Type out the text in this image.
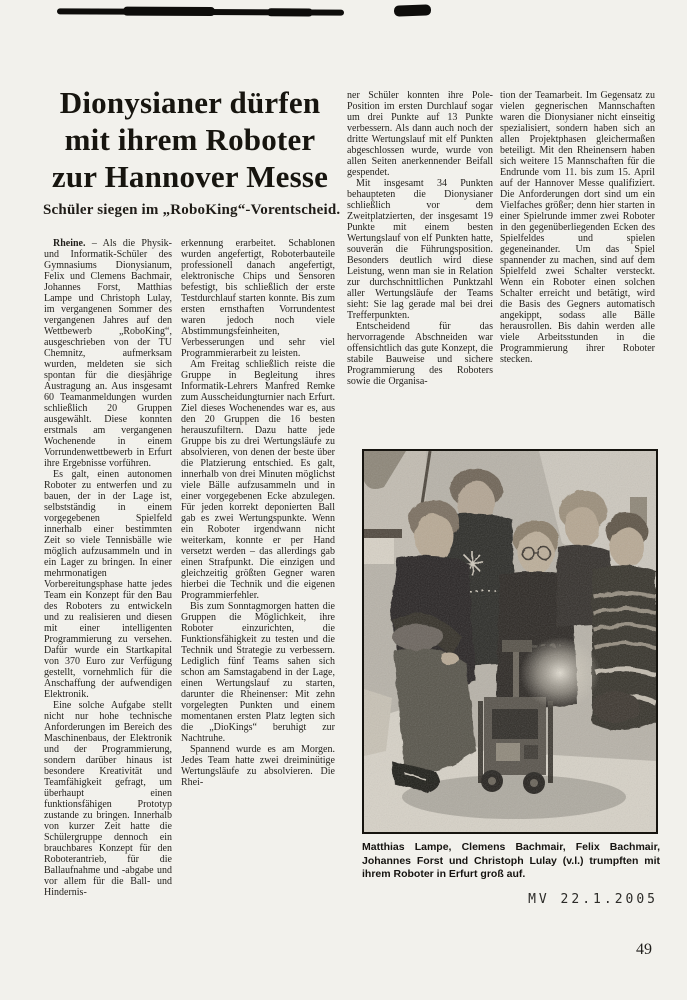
Dionysianer dürfen
mit ihrem Roboter
zur Hannover Messe
Schüler siegen im „RoboKing“-Vorentscheid.

Rheine. – Als die Physik- und Informatik-Schüler des Gymnasiums Dionysianum, Felix und Clemens Bachmair, Johannes Forst, Matthias Lampe und Christoph Lulay, im vergangenen Sommer des vergangenen Jahres auf den Wettbewerb „RoboKing“, ausgeschrieben von der TU Chemnitz, aufmerksam wurden, meldeten sie sich spontan für die diesjährige Austragung an. Aus insgesamt 60 Teamanmeldungen wurden schließlich 20 Gruppen ausgewählt. Diese konnten erstmals am vergangenen Wochenende in einem Vorrundenwettbewerb in Erfurt ihre Ergebnisse vorführen.

Es galt, einen autonomen Roboter zu entwerfen und zu bauen, der in der Lage ist, selbstständig in einem vorgegebenen Spielfeld innerhalb einer bestimmten Zeit so viele Tennisbälle wie möglich aufzusammeln und in ein Lager zu bringen. In einer mehrmonatigen Vorbereitungsphase hatte jedes Team ein Konzept für den Bau des Roboters zu entwickeln und zu realisieren und diesen mit einer intelligenten Programmierung zu versehen. Dafür wurde ein Startkapital von 370 Euro zur Verfügung gestellt, vornehmlich für die Anschaffung der aufwendigen Elektronik.

Eine solche Aufgabe stellt nicht nur hohe technische Anforderungen im Bereich des Maschinenbaus, der Elektronik und der Programmierung, sondern darüber hinaus ist besondere Kreativität und Teamfähigkeit gefragt, um überhaupt einen funktionsfähigen Prototyp zustande zu bringen. Innerhalb von kurzer Zeit hatte die Schülergruppe dennoch ein brauchbares Konzept für den Roboterantrieb, für die Ballaufnahme und -abgabe und vor allem für die Ball- und Hindernis-

erkennung erarbeitet. Schablonen wurden angefertigt, Roboterbauteile professionell danach angefertigt, elektronische Chips und Sensoren befestigt, bis schließlich der erste Testdurchlauf starten konnte. Bis zum ersten ernsthaften Vorrundentest waren jedoch noch viele Abstimmungsfeinheiten, Verbesserungen und sehr viel Programmierarbeit zu leisten.

Am Freitag schließlich reiste die Gruppe in Begleitung ihres Informatik-Lehrers Manfred Remke zum Ausscheidungturnier nach Erfurt. Ziel dieses Wochenendes war es, aus den 20 Gruppen die 16 besten herauszufiltern. Dazu hatte jede Gruppe bis zu drei Wertungsläufe zu absolvieren, von denen der beste über die Platzierung entschied. Es galt, innerhalb von drei Minuten möglichst viele Bälle aufzusammeln und in einer vorgegebenen Ecke abzulegen. Für jeden korrekt deponierten Ball gab es zwei Wertungspunkte. Wenn ein Roboter irgendwann nicht weiterkam, konnte er per Hand versetzt werden – das allerdings gab einen Strafpunkt. Die einzigen und gleichzeitig größten Gegner waren hierbei die Technik und die eigenen Programmierfehler.

Bis zum Sonntagmorgen hatten die Gruppen die Möglichkeit, ihre Roboter einzurichten, die Funktionsfähigkeit zu testen und die Technik und Strategie zu verbessern. Lediglich fünf Teams sahen sich schon am Samstagabend in der Lage, einen Wertungslauf zu starten, darunter die Rheinenser: Mit zehn vorgelegten Punkten und einem momentanen ersten Platz legten sich die „DioKings“ beruhigt zur Nachtruhe.

Spannend wurde es am Morgen. Jedes Team hatte zwei dreiminütige Wertungsläufe zu absolvieren. Die Rhei-

ner Schüler konnten ihre Pole-Position im ersten Durchlauf sogar um drei Punkte auf 13 Punkte verbessern. Als dann auch noch der dritte Wertungslauf mit elf Punkten abgeschlossen wurde, wurde von allen Seiten anerkennender Beifall gespendet.

Mit insgesamt 34 Punkten behaupteten die Dionysianer schließlich vor dem Zweitplatzierten, der insgesamt 19 Punkte mit einem besten Wertungslauf von elf Punkten hatte, souverän die Führungsposition. Besonders deutlich wird diese Leistung, wenn man sie in Relation zur durchschnittlichen Punktzahl aller Wertungsläufe der Teams sieht: Sie lag gerade mal bei drei Trefferpunkten.

Entscheidend für das hervorragende Abschneiden war offensichtlich das gute Konzept, die stabile Bauweise und sichere Programmierung des Roboters sowie die Organisa-

tion der Teamarbeit. Im Gegensatz zu vielen gegnerischen Mannschaften waren die Dionysianer nicht einseitig spezialisiert, sondern haben sich an allen Projektphasen gleichermaßen beteiligt. Mit den Rheinensern haben sich weitere 15 Mannschaften für die Endrunde vom 11. bis zum 15. April auf der Hannover Messe qualifiziert. Die Anforderungen dort sind um ein Vielfaches größer; denn hier starten in einer Spielrunde immer zwei Roboter in den gegenüberliegenden Ecken des Spielfeldes und spielen gegeneinander. Um das Spiel spannender zu machen, sind auf dem Spielfeld zwei Schalter versteckt. Wenn ein Roboter einen solchen Schalter erreicht und betätigt, wird die Basis des Gegners automatisch angekippt, sodass alle Bälle herausrollen. Bis dahin werden alle viele Arbeitsstunden in die Programmierung ihrer Roboter stecken.

Matthias Lampe, Clemens Bachmair, Felix Bachmair, Johannes Forst und Christoph Lulay (v.l.) trumpften mit ihrem Roboter in Erfurt groß auf.

MV 22.1.2005
49
